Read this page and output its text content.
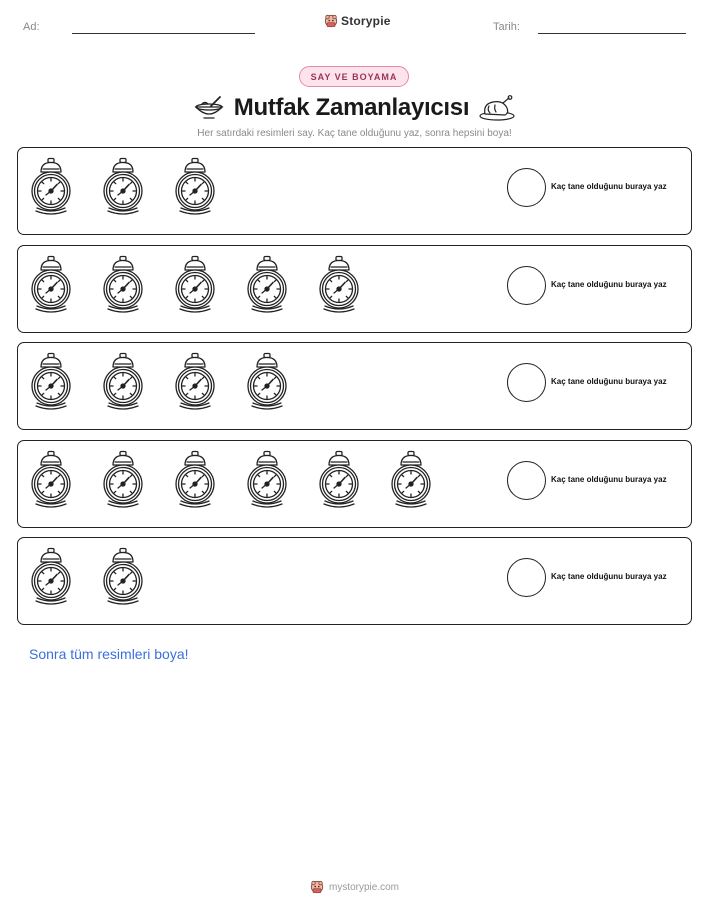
Ad:	Storypie	Tarih:
SAY VE BOYAMA
Mutfak Zamanlayıcısı
Her satırdaki resimleri say. Kaç tane olduğunu yaz, sonra hepsini boya!
Kaç tane olduğunu buraya yaz
Kaç tane olduğunu buraya yaz
Kaç tane olduğunu buraya yaz
Kaç tane olduğunu buraya yaz
Kaç tane olduğunu buraya yaz
Sonra tüm resimleri boya!
mystorypie.com
